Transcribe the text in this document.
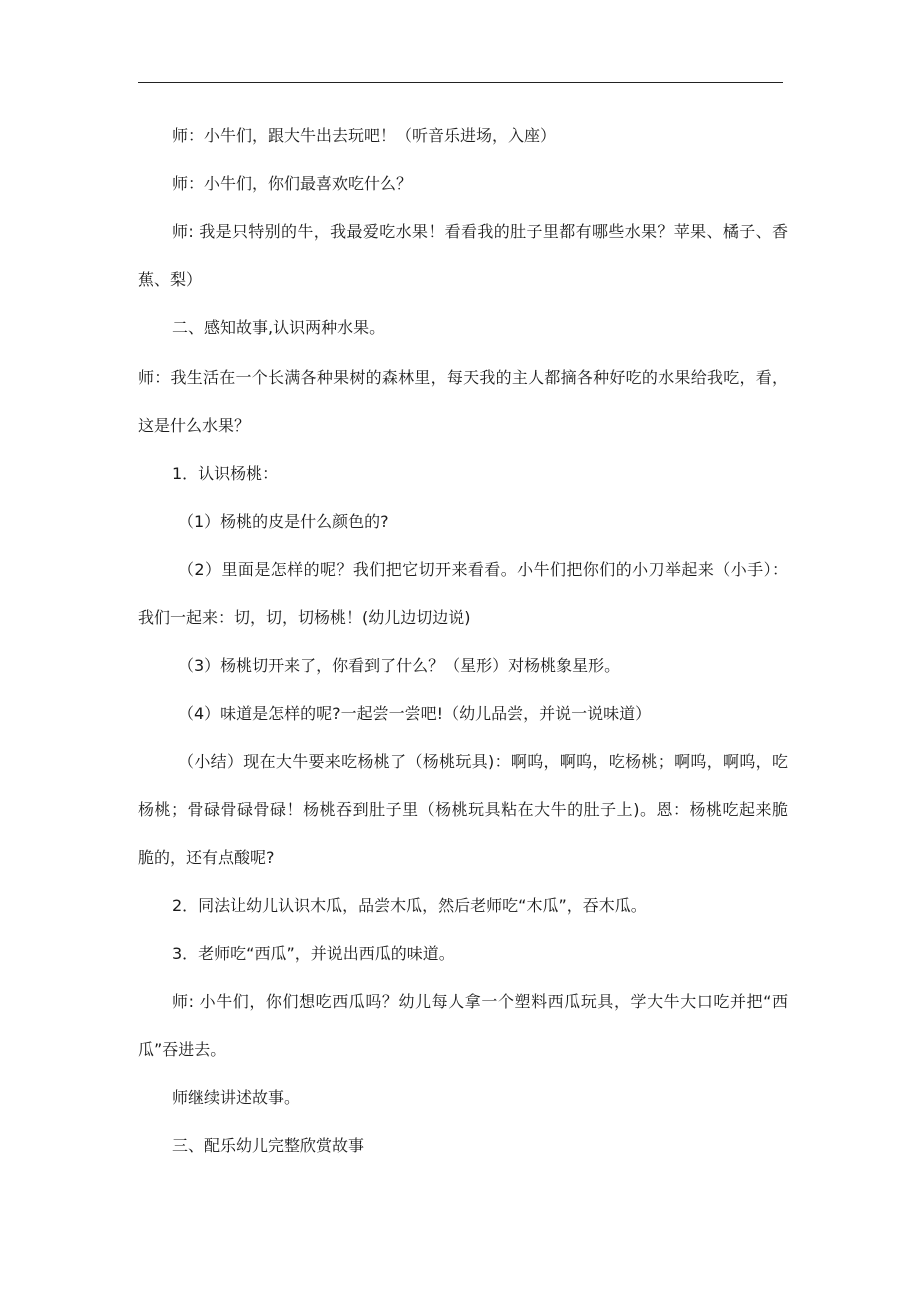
师：小牛们，跟大牛出去玩吧！（听音乐进场，入座）
师：小牛们，你们最喜欢吃什么？
师: 我是只特别的牛，我最爱吃水果！看看我的肚子里都有哪些水果？苹果、橘子、香
蕉、梨）
二、感知故事,认识两种水果。
师：我生活在一个长满各种果树的森林里，每天我的主人都摘各种好吃的水果给我吃，看，
这是什么水果？
1．认识杨桃：
（1）杨桃的皮是什么颜色的?
（2）里面是怎样的呢？我们把它切开来看看。小牛们把你们的小刀举起来（小手）：
我们一起来：切，切，切杨桃！(幼儿边切边说)
（3）杨桃切开来了，你看到了什么？（星形）对杨桃象星形。
（4）味道是怎样的呢?一起尝一尝吧!（幼儿品尝，并说一说味道）
（小结）现在大牛要来吃杨桃了（杨桃玩具)：啊呜，啊呜，吃杨桃；啊呜，啊呜，吃
杨桃；骨碌骨碌骨碌！杨桃吞到肚子里（杨桃玩具粘在大牛的肚子上)。恩：杨桃吃起来脆
脆的，还有点酸呢?
2．同法让幼儿认识木瓜，品尝木瓜，然后老师吃“木瓜”，吞木瓜。
3．老师吃“西瓜”，并说出西瓜的味道。
师: 小牛们，你们想吃西瓜吗？幼儿每人拿一个塑料西瓜玩具，学大牛大口吃并把“西
瓜”吞进去。
师继续讲述故事。
三、配乐幼儿完整欣赏故事
